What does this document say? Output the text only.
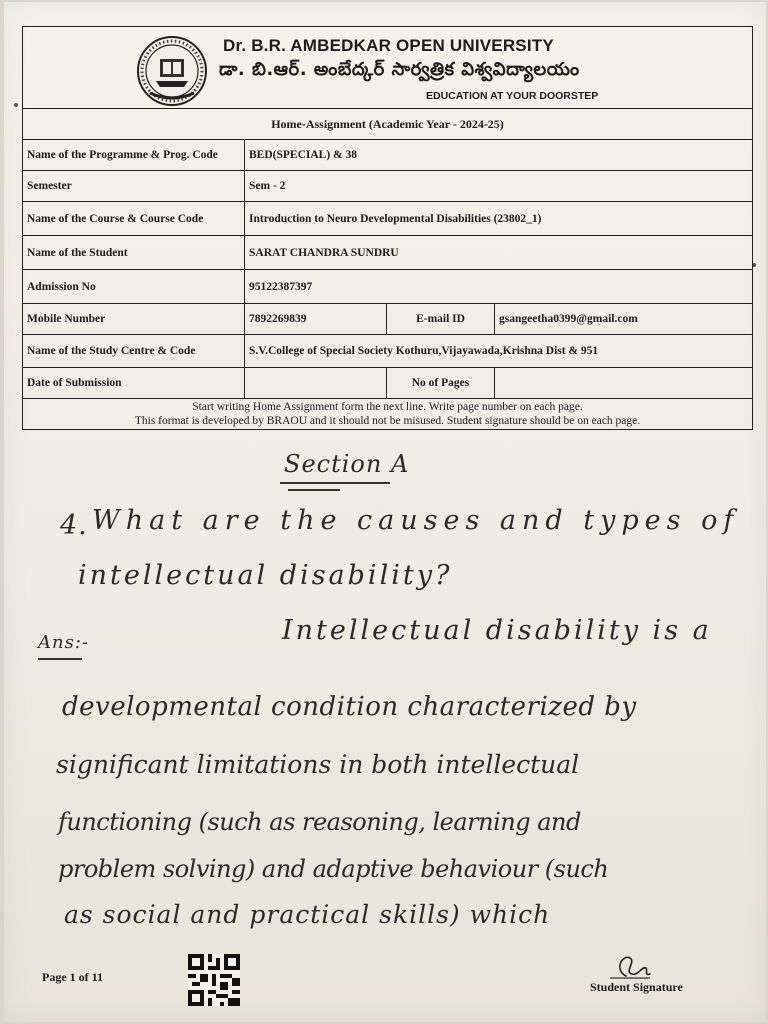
Dr. B.R. AMBEDKAR OPEN UNIVERSITY
డా. బి.ఆర్. అంబేద్కర్ సార్వత్రిక విశ్వవిద్యాలయం
EDUCATION AT YOUR DOORSTEP
Home-Assignment (Academic Year - 2024-25)			
Name of the Programme & Prog. Code	BED(SPECIAL) & 38		
Semester	Sem - 2		
Name of the Course & Course Code	Introduction to Neuro Developmental Disabilities (23802_1)		
Name of the Student	SARAT CHANDRA SUNDRU		
Admission No	95122387397		
Mobile Number	7892269839	E-mail ID	gsangeetha0399@gmail.com
Name of the Study Centre & Code	S.V.College of Special Society Kothuru,Vijayawada,Krishna Dist & 951		
Date of Submission		No of Pages	

Start writing Home Assignment form the next line. Write page number on each page.
This format is developed by BRAOU and it should not be misused. Student signature should be on each page.			
Section A
4. What are the causes and types of
intellectual disability?
Ans:-	Intellectual disability is a
developmental condition characterized by
significant limitations in both intellectual
functioning (such as reasoning, learning and
problem solving) and adaptive behaviour (such
as social and practical skills) which
Page 1 of 11
Student Signature
